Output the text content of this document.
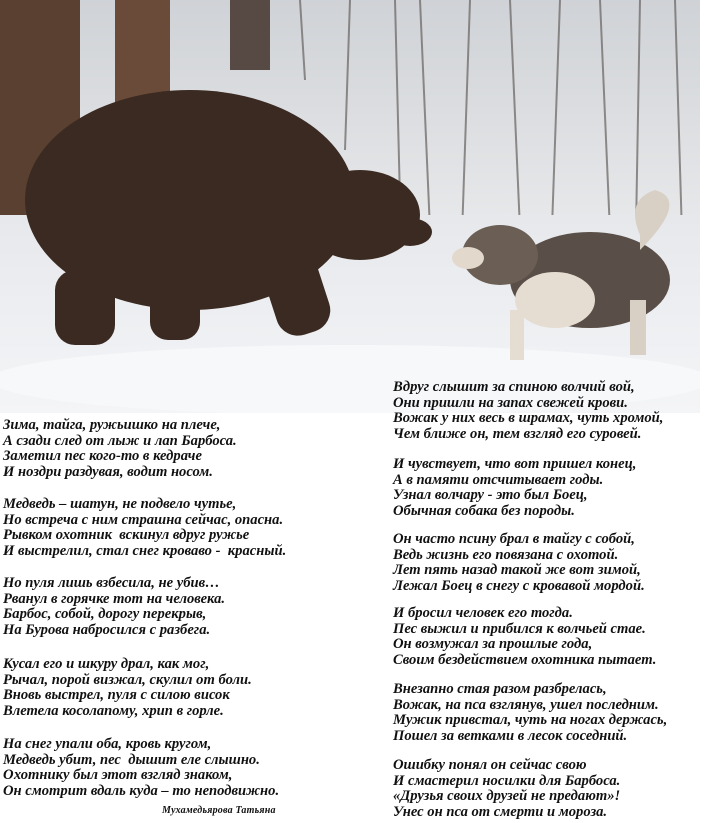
Зима, тайга, ружьишко на плече,
А сзади след от лыж и лап Барбоса.
Заметил пес кого-то в кедраче
И ноздри раздувая, водит носом.
Медведь – шатун, не подвело чутье,
Но встреча с ним страшна сейчас, опасна.
Рывком охотник  вскинул вдруг ружье
И выстрелил, стал снег кроваво -  красный.
Но пуля лишь взбесила, не убив…
Рванул в горячке тот на человека.
Барбос, собой, дорогу перекрыв,
На Бурова набросился с разбега.
Кусал его и шкуру драл, как мог,
Рычал, порой визжал, скулил от боли.
Вновь выстрел, пуля с силою висок
Влетела косолапому, хрип в горле.
На снег упали оба, кровь кругом,
Медведь убит, пес  дышит еле слышно.
Охотнику был этот взгляд знаком,
Он смотрит вдаль куда – то неподвижно.
Вдруг слышит за спиною волчий вой,
Они пришли на запах свежей крови.
Вожак у них весь в шрамах, чуть хромой,
Чем ближе он, тем взгляд его суровей.
И чувствует, что вот пришел конец,
А в памяти отсчитывает годы.
Узнал волчару - это был Боец,
Обычная собака без породы.
Он часто псину брал в тайгу с собой,
Ведь жизнь его повязана с охотой.
Лет пять назад такой же вот зимой,
Лежал Боец в снегу с кровавой мордой.
И бросил человек его тогда.
Пес выжил и прибился к волчьей стае.
Он возмужал за прошлые года,
Своим бездействием охотника пытает.
Внезапно стая разом разбрелась,
Вожак, на пса взглянув, ушел последним.
Мужик привстал, чуть на ногах держась,
Пошел за ветками в лесок соседний.
Ошибку понял он сейчас свою
И смастерил носилки для Барбоса.
«Друзья своих друзей не предают»!
Унес он пса от смерти и мороза.
Мухамедьярова Татьяна
